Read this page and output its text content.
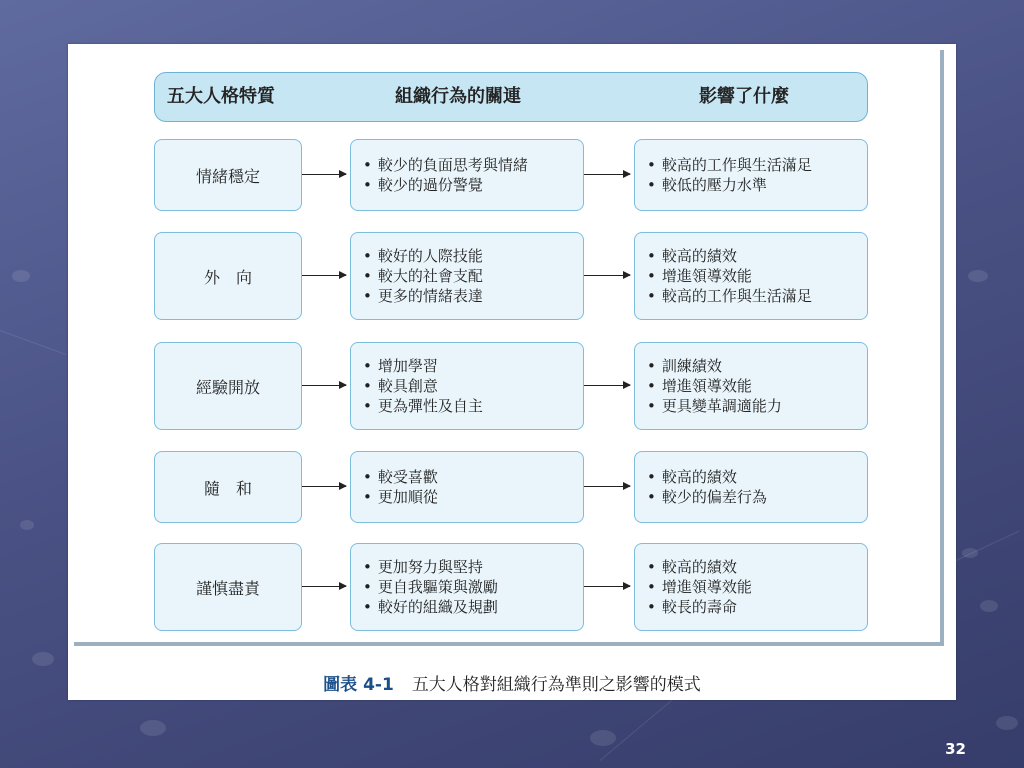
五大人格特質	組織行為的關連	影響了什麼
情緒穩定
• 較少的負面思考與情緒
• 較少的過份警覺
• 較高的工作與生活滿足
• 較低的壓力水準
外　向
• 較好的人際技能
• 較大的社會支配
• 更多的情緒表達
• 較高的績效
• 增進領導效能
• 較高的工作與生活滿足
經驗開放
• 增加學習
• 較具創意
• 更為彈性及自主
• 訓練績效
• 增進領導效能
• 更具變革調適能力
隨　和
• 較受喜歡
• 更加順從
• 較高的績效
• 較少的偏差行為
謹慎盡責
• 更加努力與堅持
• 更自我驅策與激勵
• 較好的組織及規劃
• 較高的績效
• 增進領導效能
• 較長的壽命
圖表 4-1 五大人格對組織行為準則之影響的模式
32
